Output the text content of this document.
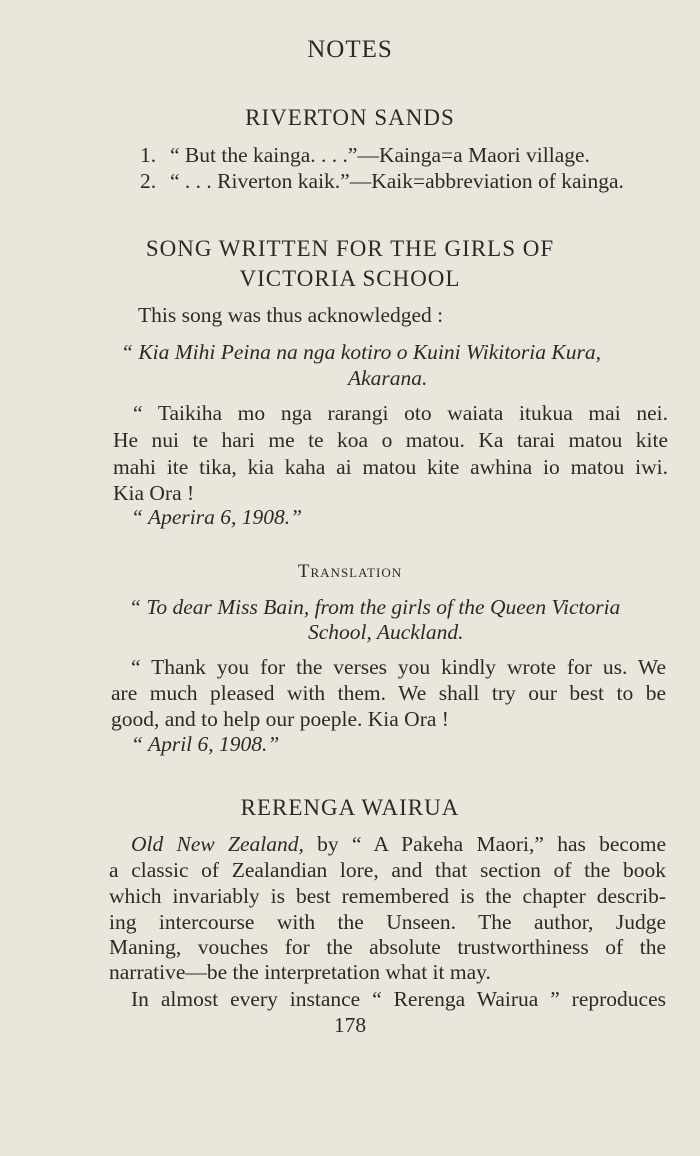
NOTES
RIVERTON SANDS
1. “ But the kainga. . . .”—Kainga=a Maori village.
2. “ . . . Riverton kaik.”—Kaik=abbreviation of kainga.
SONG WRITTEN FOR THE GIRLS OF
VICTORIA SCHOOL
This song was thus acknowledged :
“ Kia Mihi Peina na nga kotiro o Kuini Wikitoria Kura,
Akarana.
“ Taikiha mo nga rarangi oto waiata itukua mai nei.
He nui te hari me te koa o matou. Ka tarai matou kite
mahi ite tika, kia kaha ai matou kite awhina io matou iwi.
Kia Ora !
“ Aperira 6, 1908.”
Translation
“ To dear Miss Bain, from the girls of the Queen Victoria
School, Auckland.
“ Thank you for the verses you kindly wrote for us. We
are much pleased with them. We shall try our best to be
good, and to help our poeple. Kia Ora !
“ April 6, 1908.”
RERENGA WAIRUA
Old New Zealand, by “ A Pakeha Maori,” has become
a classic of Zealandian lore, and that section of the book
which invariably is best remembered is the chapter describ-
ing intercourse with the Unseen. The author, Judge
Maning, vouches for the absolute trustworthiness of the
narrative—be the interpretation what it may.
In almost every instance “ Rerenga Wairua ” reproduces
178
